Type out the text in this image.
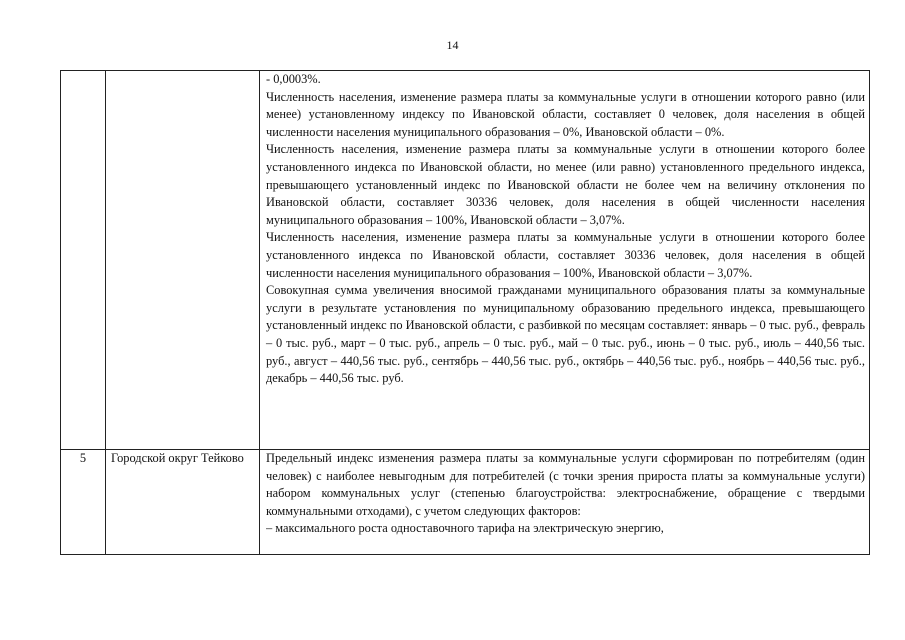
14

		- 0,0003%.

Численность населения, изменение размера платы за коммунальные услуги в отношении которого равно (или менее) установленному индексу по Ивановской области, составляет 0 человек, доля населения в общей численности населения муниципального образования – 0%, Ивановской области – 0%.

Численность населения, изменение размера платы за коммунальные услуги в отношении которого более установленного индекса по Ивановской области, но менее (или равно) установленного предельного индекса, превышающего установленный индекс по Ивановской области не более чем на величину отклонения по Ивановской области, составляет 30336 человек, доля населения в общей численности населения муниципального образования – 100%, Ивановской области – 3,07%.

Численность населения, изменение размера платы за коммунальные услуги в отношении которого более установленного индекса по Ивановской области, составляет 30336 человек, доля населения в общей численности населения муниципального образования – 100%, Ивановской области – 3,07%.

Совокупная сумма увеличения вносимой гражданами муниципального образования платы за коммунальные услуги в результате установления по муниципальному образованию предельного индекса, превышающего установленный индекс по Ивановской области, с разбивкой по месяцам составляет: январь – 0 тыс. руб., февраль – 0 тыс. руб., март – 0 тыс. руб., апрель – 0 тыс. руб., май – 0 тыс. руб., июнь – 0 тыс. руб., июль – 440,56 тыс. руб., август – 440,56 тыс. руб., сентябрь – 440,56 тыс. руб., октябрь – 440,56 тыс. руб., ноябрь – 440,56 тыс. руб., декабрь – 440,56 тыс. руб.

5	Городской округ Тейково	Предельный индекс изменения размера платы за коммунальные услуги сформирован по потребителям (один человек) с наиболее невыгодным для потребителей (с точки зрения прироста платы за коммунальные услуги) набором коммунальных услуг (степенью благоустройства: электроснабжение, обращение с твердыми коммунальными отходами), с учетом следующих факторов:

– максимального роста одноставочного тарифа на электрическую энергию,
